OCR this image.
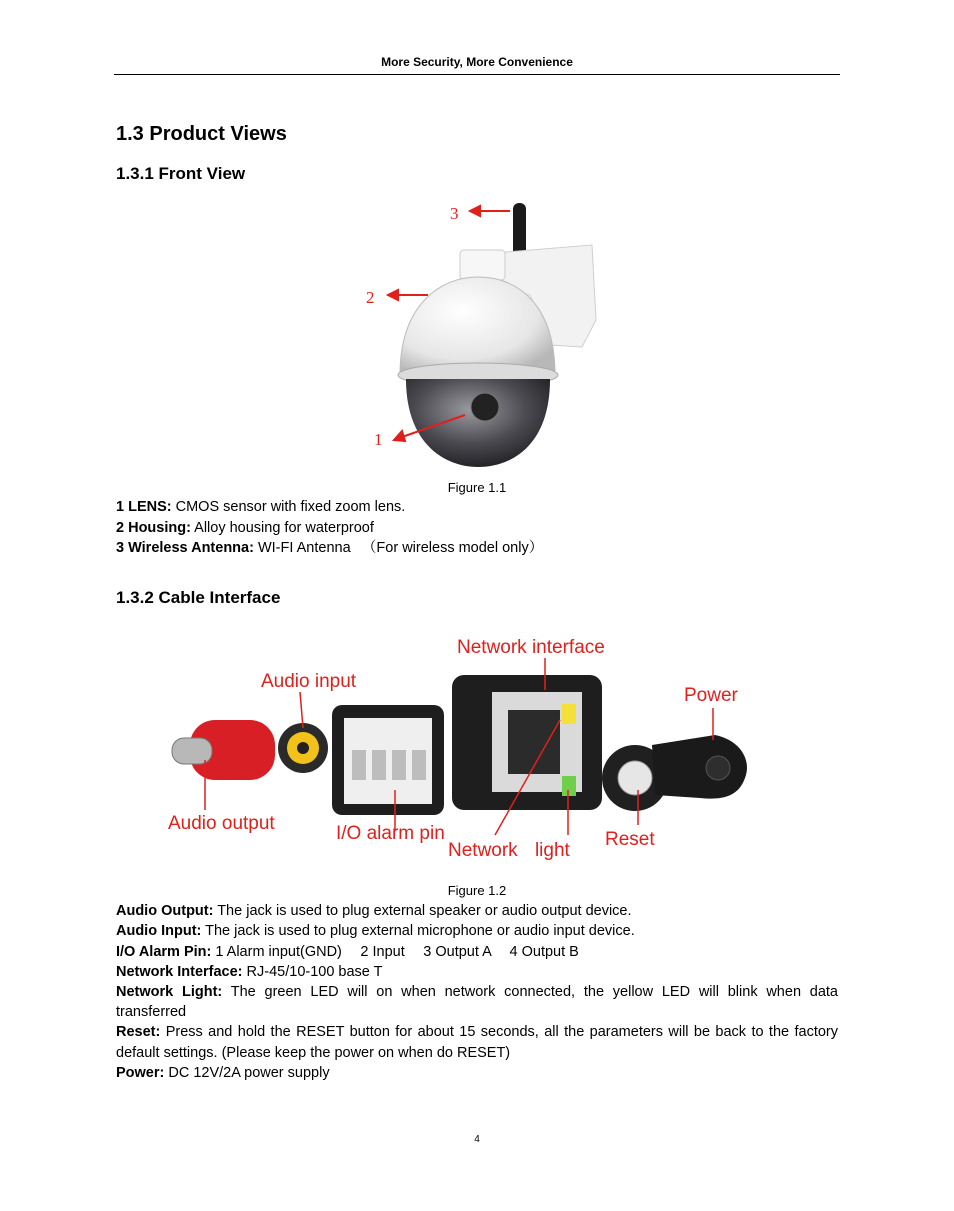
More Security, More Convenience
1.3 Product Views
1.3.1 Front View
3
2
1
Figure 1.1
1 LENS: CMOS sensor with fixed zoom lens.
2 Housing: Alloy housing for waterproof
3 Wireless Antenna: WI-FI Antenna 　（For wireless model only）
1.3.2 Cable Interface
Network interface
Audio input
Power
Audio output	I/O alarm pin
Network light
Reset
Figure 1.2
Audio Output: The jack is used to plug external speaker or audio output device.
Audio Input: The jack is used to plug external microphone or audio input device.
I/O Alarm Pin: 1 Alarm input(GND)　 2 Input　 3 Output A　 4 Output B
Network Interface: RJ-45/10-100 base T
Network Light: The green LED will on when network connected, the yellow LED will blink when data
transferred
Reset: Press and hold the RESET button for about 15 seconds, all the parameters will be back to the factory
default settings. (Please keep the power on when do RESET)
Power: DC 12V/2A power supply
4
